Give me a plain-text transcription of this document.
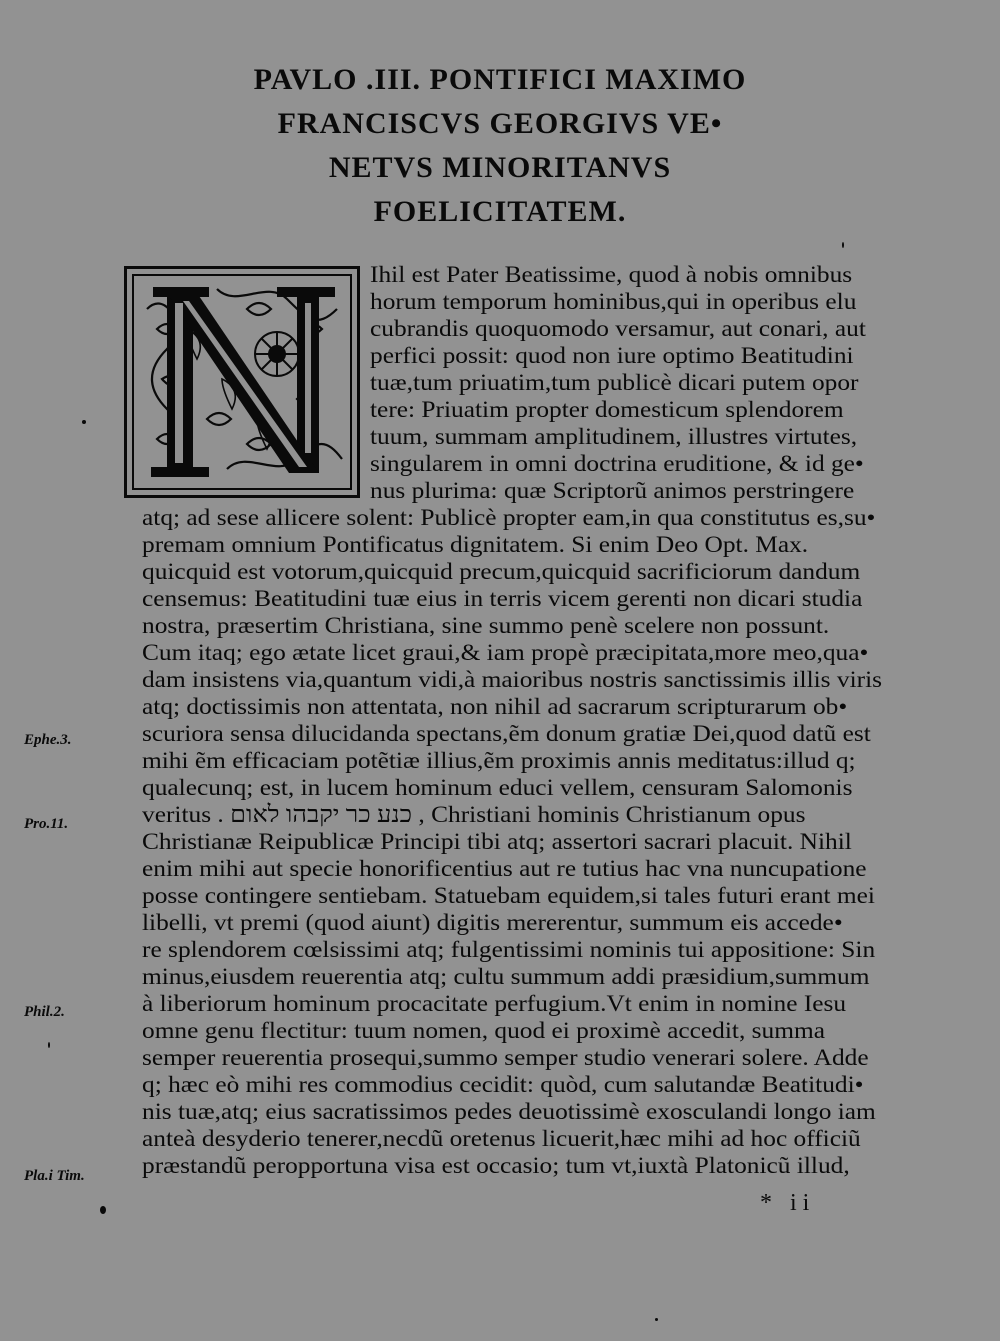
PAVLO .III. PONTIFICI MAXIMO
FRANCISCVS GEORGIVS VE•
NETVS MINORITANVS
FOELICITATEM.
Ihil est Pater Beatissime, quod à nobis omnibus
horum temporum hominibus,qui in operibus elu
cubrandis quoquomodo versamur, aut conari, aut
perfici possit: quod non iure optimo Beatitudini
tuæ,tum priuatim,tum publicè dicari putem opor
tere: Priuatim propter domesticum splendorem
tuum, summam amplitudinem, illustres virtutes,
singularem in omni doctrina eruditione, & id ge•
nus plurima: quæ Scriptorũ animos perstringere
atq; ad sese allicere solent: Publicè propter eam,in qua constitutus es,su•
premam omnium Pontificatus dignitatem. Si enim Deo Opt. Max.
quicquid est votorum,quicquid precum,quicquid sacrificiorum dandum
censemus: Beatitudini tuæ eius in terris vicem gerenti non dicari studia
nostra, præsertim Christiana, sine summo penè scelere non possunt.
Cum itaq; ego ætate licet graui,& iam propè præcipitata,more meo,qua•
dam insistens via,quantum vidi,à maioribus nostris sanctissimis illis viris
atq; doctissimis non attentata, non nihil ad sacrarum scripturarum ob•
scuriora sensa dilucidanda spectans,ẽm donum gratiæ Dei,quod datũ est
mihi ẽm efficaciam potẽtiæ illius,ẽm proximis annis meditatus:illud q;
qualecunq; est, in lucem hominum educi vellem, censuram Salomonis
veritus . כנע כר יקבהו לאום , Christiani hominis Christianum opus
Christianæ Reipublicæ Principi tibi atq; assertori sacrari placuit. Nihil
enim mihi aut specie honorificentius aut re tutius hac vna nuncupatione
posse contingere sentiebam. Statuebam equidem,si tales futuri erant mei
libelli, vt premi (quod aiunt) digitis mererentur, summum eis accede•
re splendorem cœlsissimi atq; fulgentissimi nominis tui appositione: Sin
minus,eiusdem reuerentia atq; cultu summum addi præsidium,summum
à liberiorum hominum procacitate perfugium.Vt enim in nomine Iesu
omne genu flectitur: tuum nomen, quod ei proximè accedit, summa
semper reuerentia prosequi,summo semper studio venerari solere. Adde
q; hæc eò mihi res commodius cecidit: quòd, cum salutandæ Beatitudi•
nis tuæ,atq; eius sacratissimos pedes deuotissimè exosculandi longo iam
anteà desyderio tenerer,necdũ oretenus licuerit,hæc mihi ad hoc officiũ
præstandũ peropportuna visa est occasio; tum vt,iuxtà Platonicũ illud,
Ephe.3.
Pro.11.
Phil.2.
Pla.i Tim.
* ii
